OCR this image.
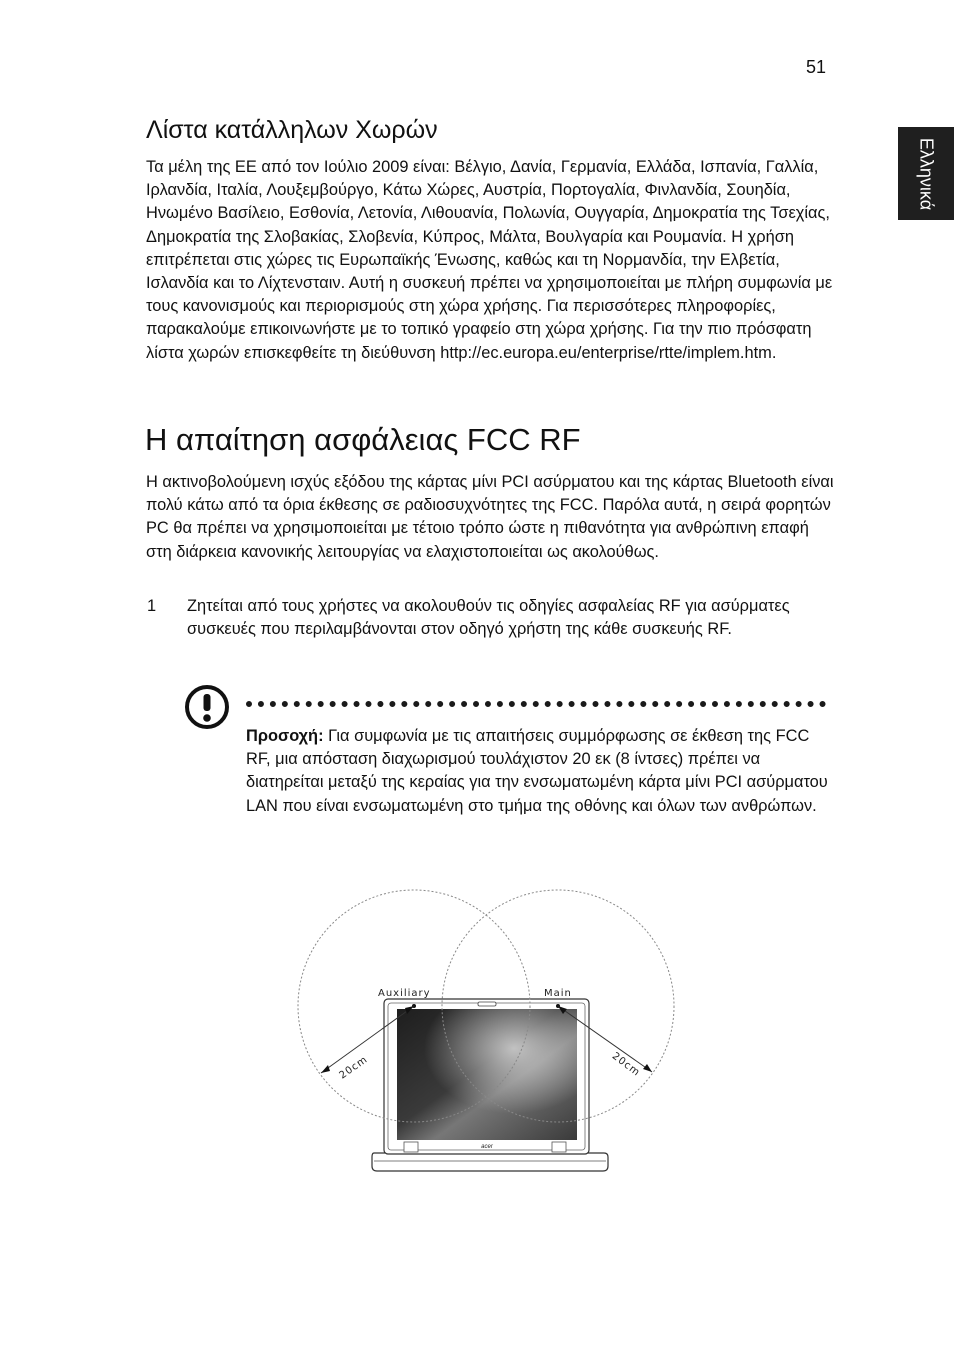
51
Ελληνικά
Λίστα κατάλληλων Χωρών

Τα μέλη της ΕΕ από τον Ιούλιο 2009 είναι: Βέλγιο, Δανία, Γερμανία, Ελλάδα, Ισπανία, Γαλλία, Ιρλανδία, Ιταλία, Λουξεμβούργο, Κάτω Χώρες, Αυστρία, Πορτογαλία, Φινλανδία, Σουηδία, Ηνωμένο Βασίλειο, Εσθονία, Λετονία, Λιθουανία, Πολωνία, Ουγγαρία, Δημοκρατία της Τσεχίας, Δημοκρατία της Σλοβακίας, Σλοβενία, Κύπρος, Μάλτα, Βουλγαρία και Ρουμανία. Η χρήση επιτρέπεται στις χώρες τις Ευρωπαϊκής Ένωσης, καθώς και τη Νορμανδία, την Ελβετία, Ισλανδία και το Λίχτενσταιν. Αυτή η συσκευή πρέπει να χρησιμοποιείται με πλήρη συμφωνία με τους κανονισμούς και περιορισμούς στη χώρα χρήσης. Για περισσότερες πληροφορίες, παρακαλούμε επικοινωνήστε με το τοπικό γραφείο στη χώρα χρήσης. Για την πιο πρόσφατη λίστα χωρών επισκεφθείτε τη διεύθυνση http://ec.europa.eu/enterprise/rtte/implem.htm.

Η απαίτηση ασφάλειας FCC RF

Η ακτινοβολούμενη ισχύς εξόδου της κάρτας μίνι PCI ασύρματου και της κάρτας Bluetooth είναι πολύ κάτω από τα όρια έκθεσης σε ραδιοσυχνότητες της FCC. Παρόλα αυτά, η σειρά φορητών PC θα πρέπει να χρησιμοποιείται με τέτοιο τρόπο ώστε η πιθανότητα για ανθρώπινη επαφή στη διάρκεια κανονικής λειτουργίας να ελαχιστοποιείται ως ακολούθως.

1 Ζητείται από τους χρήστες να ακολουθούν τις οδηγίες ασφαλείας RF για ασύρματες συσκευές που περιλαμβάνονται στον οδηγό χρήστη της κάθε συσκευής RF.

Προσοχή: Για συμφωνία με τις απαιτήσεις συμμόρφωσης σε έκθεση της FCC RF, μια απόσταση διαχωρισμού τουλάχιστον 20 εκ (8 ίντσες) πρέπει να διατηρείται μεταξύ της κεραίας για την ενσωματωμένη κάρτα μίνι PCI ασύρματου LAN που είναι ενσωματωμένη στο τμήμα της οθόνης και όλων των ανθρώπων.

acer
Auxiliary	Main
20cm	20cm
